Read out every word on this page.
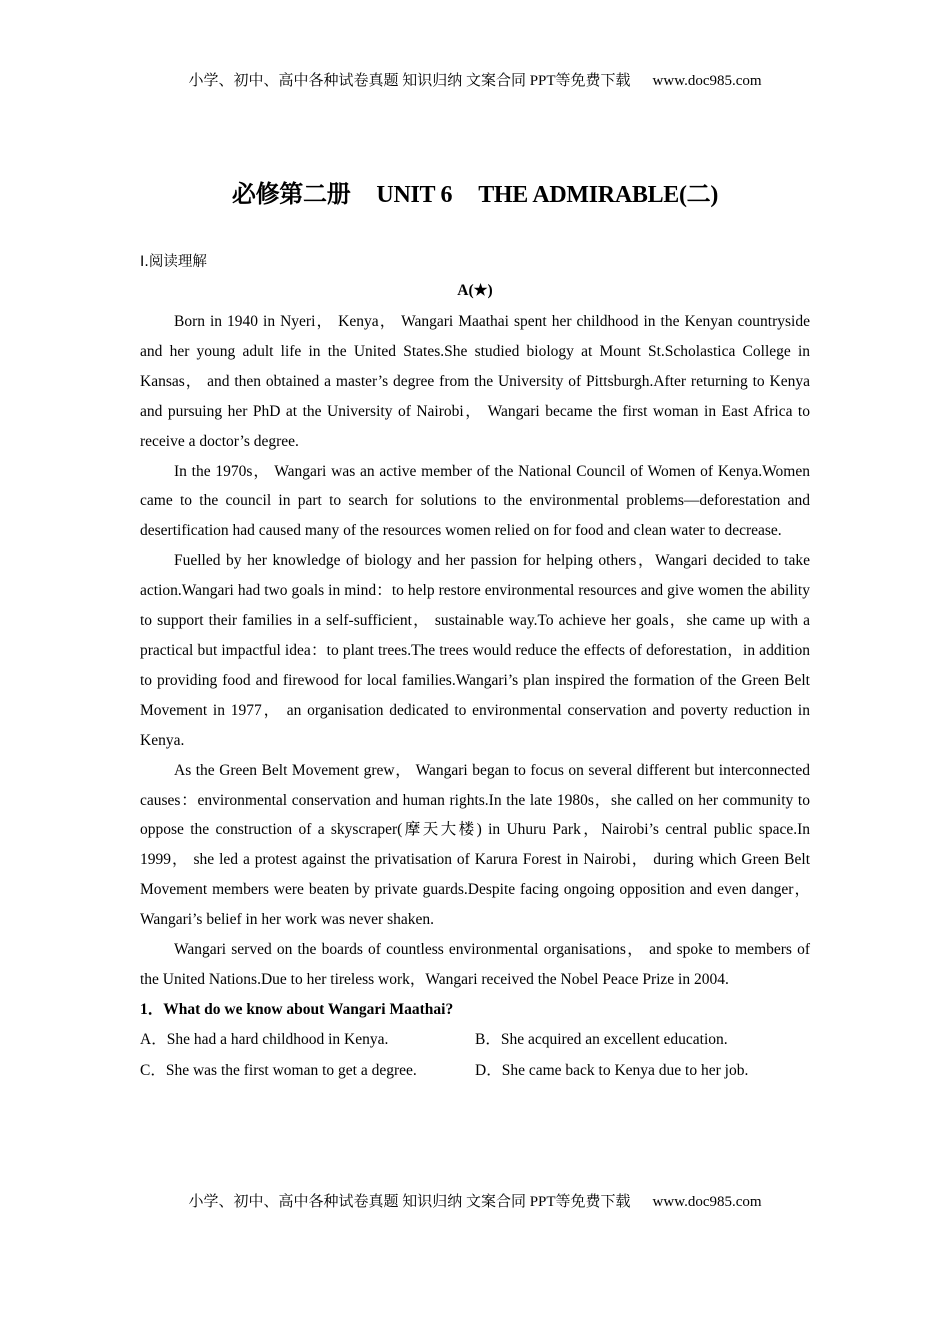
小学、初中、高中各种试卷真题 知识归纳 文案合同 PPT等免费下载 www.doc985.com
必修第二册 UNIT 6 THE ADMIRABLE(二)
Ⅰ.阅读理解
A(★)

Born in 1940 in Nyeri， Kenya， Wangari Maathai spent her childhood in the Kenyan countryside and her young adult life in the United States.She studied biology at Mount St.Scholastica College in Kansas， and then obtained a master’s degree from the University of Pittsburgh.After returning to Kenya and pursuing her PhD at the University of Nairobi， Wangari became the first woman in East Africa to receive a doctor’s degree.

In the 1970s， Wangari was an active member of the National Council of Women of Kenya.Women came to the council in part to search for solutions to the environmental problems—deforestation and desertification had caused many of the resources women relied on for food and clean water to decrease.

Fuelled by her knowledge of biology and her passion for helping others，Wangari decided to take action.Wangari had two goals in mind：to help restore environmental resources and give women the ability to support their families in a self-sufficient， sustainable way.To achieve her goals，she came up with a practical but impactful idea：to plant trees.The trees would reduce the effects of deforestation，in addition to providing food and firewood for local families.Wangari’s plan inspired the formation of the Green Belt Movement in 1977， an organisation dedicated to environmental conservation and poverty reduction in Kenya.

As the Green Belt Movement grew， Wangari began to focus on several different but interconnected causes：environmental conservation and human rights.In the late 1980s，she called on her community to oppose the construction of a skyscraper(摩天大楼) in Uhuru Park，Nairobi’s central public space.In 1999， she led a protest against the privatisation of Karura Forest in Nairobi， during which Green Belt Movement members were beaten by private guards.Despite facing ongoing opposition and even danger，Wangari’s belief in her work was never shaken.

Wangari served on the boards of countless environmental organisations， and spoke to members of the United Nations.Due to her tireless work，Wangari received the Nobel Peace Prize in 2004.

1．What do we know about Wangari Maathai?

A．She had a hard childhood in Kenya.	B．She acquired an excellent education.
C．She was the first woman to get a degree.	D．She came back to Kenya due to her job.
小学、初中、高中各种试卷真题 知识归纳 文案合同 PPT等免费下载 www.doc985.com
